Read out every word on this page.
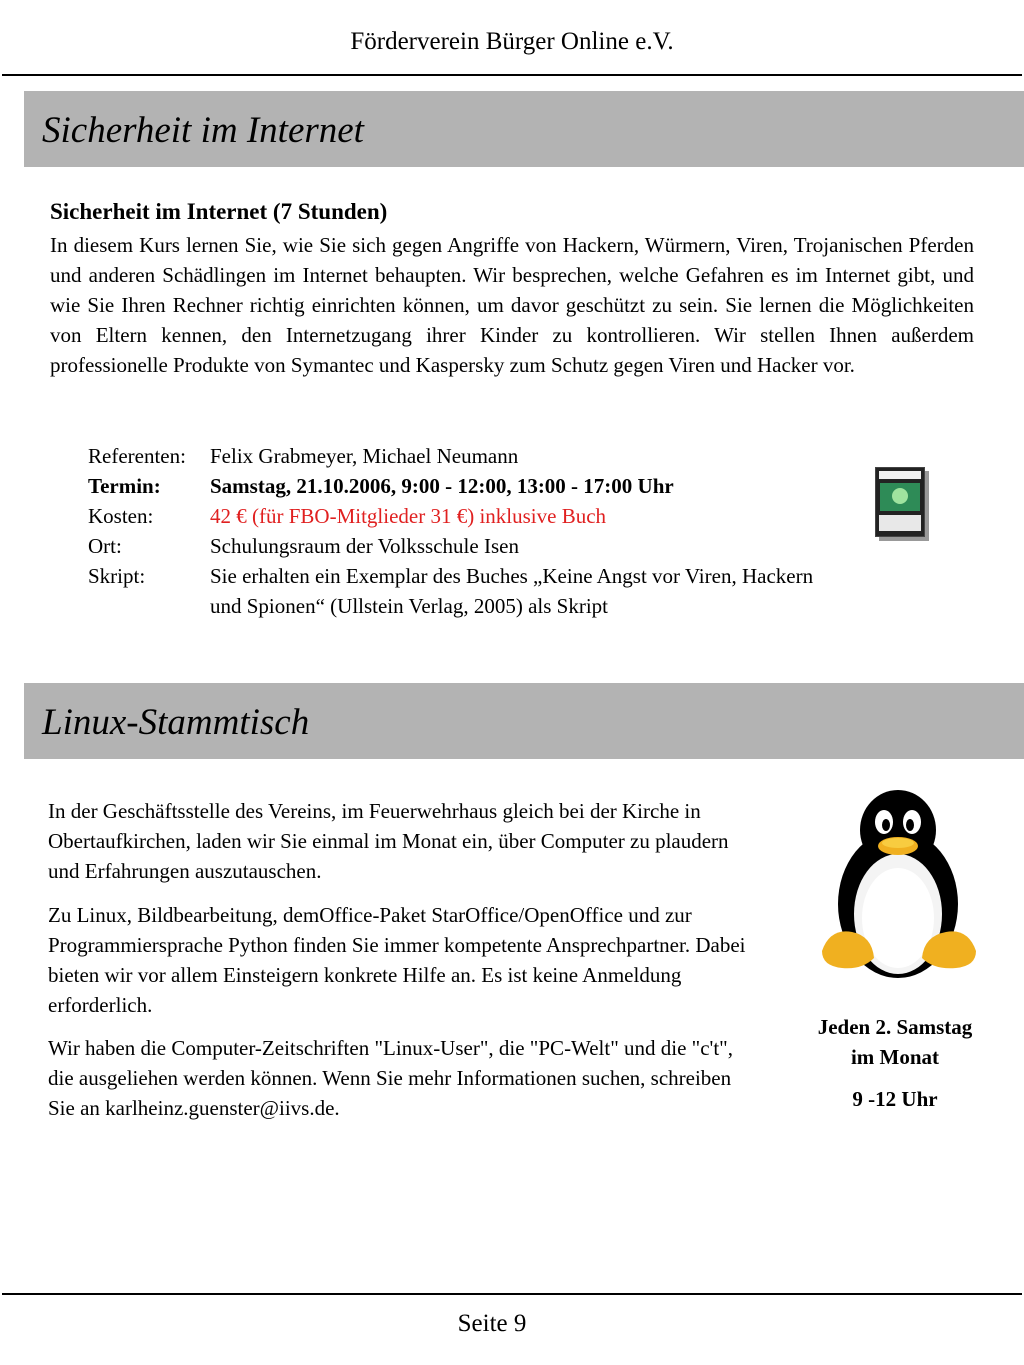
Förderverein Bürger Online e.V.
Sicherheit im Internet
Sicherheit im Internet (7 Stunden)
In diesem Kurs lernen Sie, wie Sie sich gegen Angriffe von Hackern, Würmern, Viren, Trojanischen Pferden und anderen Schädlingen im Internet behaupten. Wir besprechen, welche Gefahren es im Internet gibt, und wie Sie Ihren Rechner richtig einrichten können, um davor geschützt zu sein. Sie lernen die Möglichkeiten von Eltern kennen, den Internetzugang ihrer Kinder zu kontrollieren. Wir stellen Ihnen außerdem professionelle Produkte von Symantec und Kaspersky zum Schutz gegen Viren und Hacker vor.
Referenten: Felix Grabmeyer, Michael Neumann
Termin: Samstag, 21.10.2006, 9:00 - 12:00, 13:00 - 17:00 Uhr
Kosten:	42 € (für FBO-Mitglieder 31 €) inklusive Buch
Ort:	Schulungsraum der Volksschule Isen
Skript:	Sie erhalten ein Exemplar des Buches „Keine Angst vor Viren, Hackern
und Spionen“ (Ullstein Verlag, 2005) als Skript
Linux-Stammtisch
In der Geschäftsstelle des Vereins, im Feuerwehrhaus gleich bei der Kirche in Obertaufkirchen, laden wir Sie einmal im Monat ein, über Computer zu plaudern und Erfahrungen auszutauschen.
Zu Linux, Bildbearbeitung, demOffice-Paket StarOffice/OpenOffice und zur Programmiersprache Python finden Sie immer kompetente Ansprechpartner. Dabei bieten wir vor allem Einsteigern konkrete Hilfe an. Es ist keine Anmeldung erforderlich.
Wir haben die Computer-Zeitschriften "Linux-User", die "PC-Welt" und die "c't", die ausgeliehen werden können. Wenn Sie mehr Informationen suchen, schreiben Sie an karlheinz.guenster@iivs.de.
Jeden 2. Samstag
im Monat
9 -12 Uhr
Seite 9
